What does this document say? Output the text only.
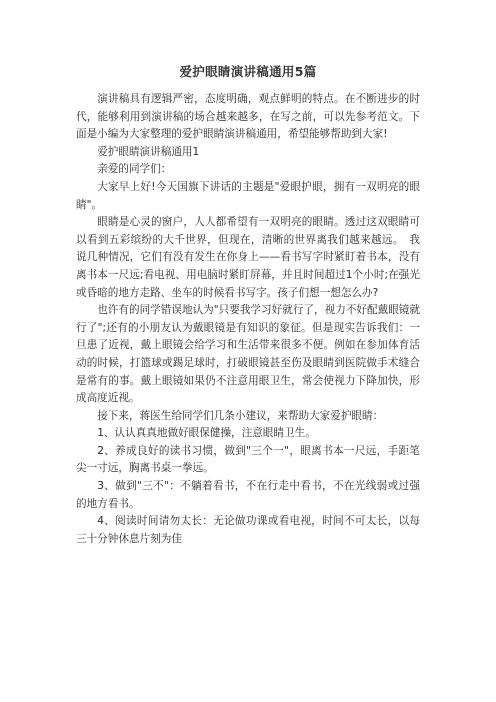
爱护眼睛演讲稿通用5篇

演讲稿具有逻辑严密，态度明确，观点鲜明的特点。在不断进步的时代，能够利用到演讲稿的场合越来越多，在写之前，可以先参考范文。下面是小编为大家整理的爱护眼睛演讲稿通用，希望能够帮助到大家!

爱护眼睛演讲稿通用1

亲爱的同学们：

大家早上好!今天国旗下讲话的主题是"爱眼护眼，拥有一双明亮的眼睛"。

眼睛是心灵的窗户，人人都希望有一双明亮的眼睛。透过这双眼睛可以看到五彩缤纷的大千世界，但现在，清晰的世界离我们越来越远。　我说几种情况，它们有没有发生在你身上——看书写字时紧盯着书本，没有离书本一尺远;看电视、用电脑时紧盯屏幕，并且时间超过1个小时;在强光或昏暗的地方走路、坐车的时候看书写字。孩子们想一想怎么办?

也许有的同学错误地认为"只要我学习好就行了，视力不好配戴眼镜就行了";还有的小朋友认为戴眼镜是有知识的象征。但是现实告诉我们：一旦患了近视，戴上眼镜会给学习和生活带来很多不便。例如在参加体育活动的时候，打篮球或踢足球时，打破眼镜甚至伤及眼睛到医院做手术缝合是常有的事。戴上眼镜如果仍不注意用眼卫生，常会使视力下降加快，形成高度近视。

接下来，蒋医生给同学们几条小建议，来帮助大家爱护眼睛：

1、认认真真地做好眼保健操，注意眼睛卫生。

2、养成良好的读书习惯，做到"三个一"，眼离书本一尺远，手距笔尖一寸远，胸离书桌一拳远。

3、做到"三不"：不躺着看书，不在行走中看书，不在光线弱或过强的地方看书。

4、阅读时间请勿太长：无论做功课或看电视，时间不可太长，以每三十分钟休息片刻为佳
